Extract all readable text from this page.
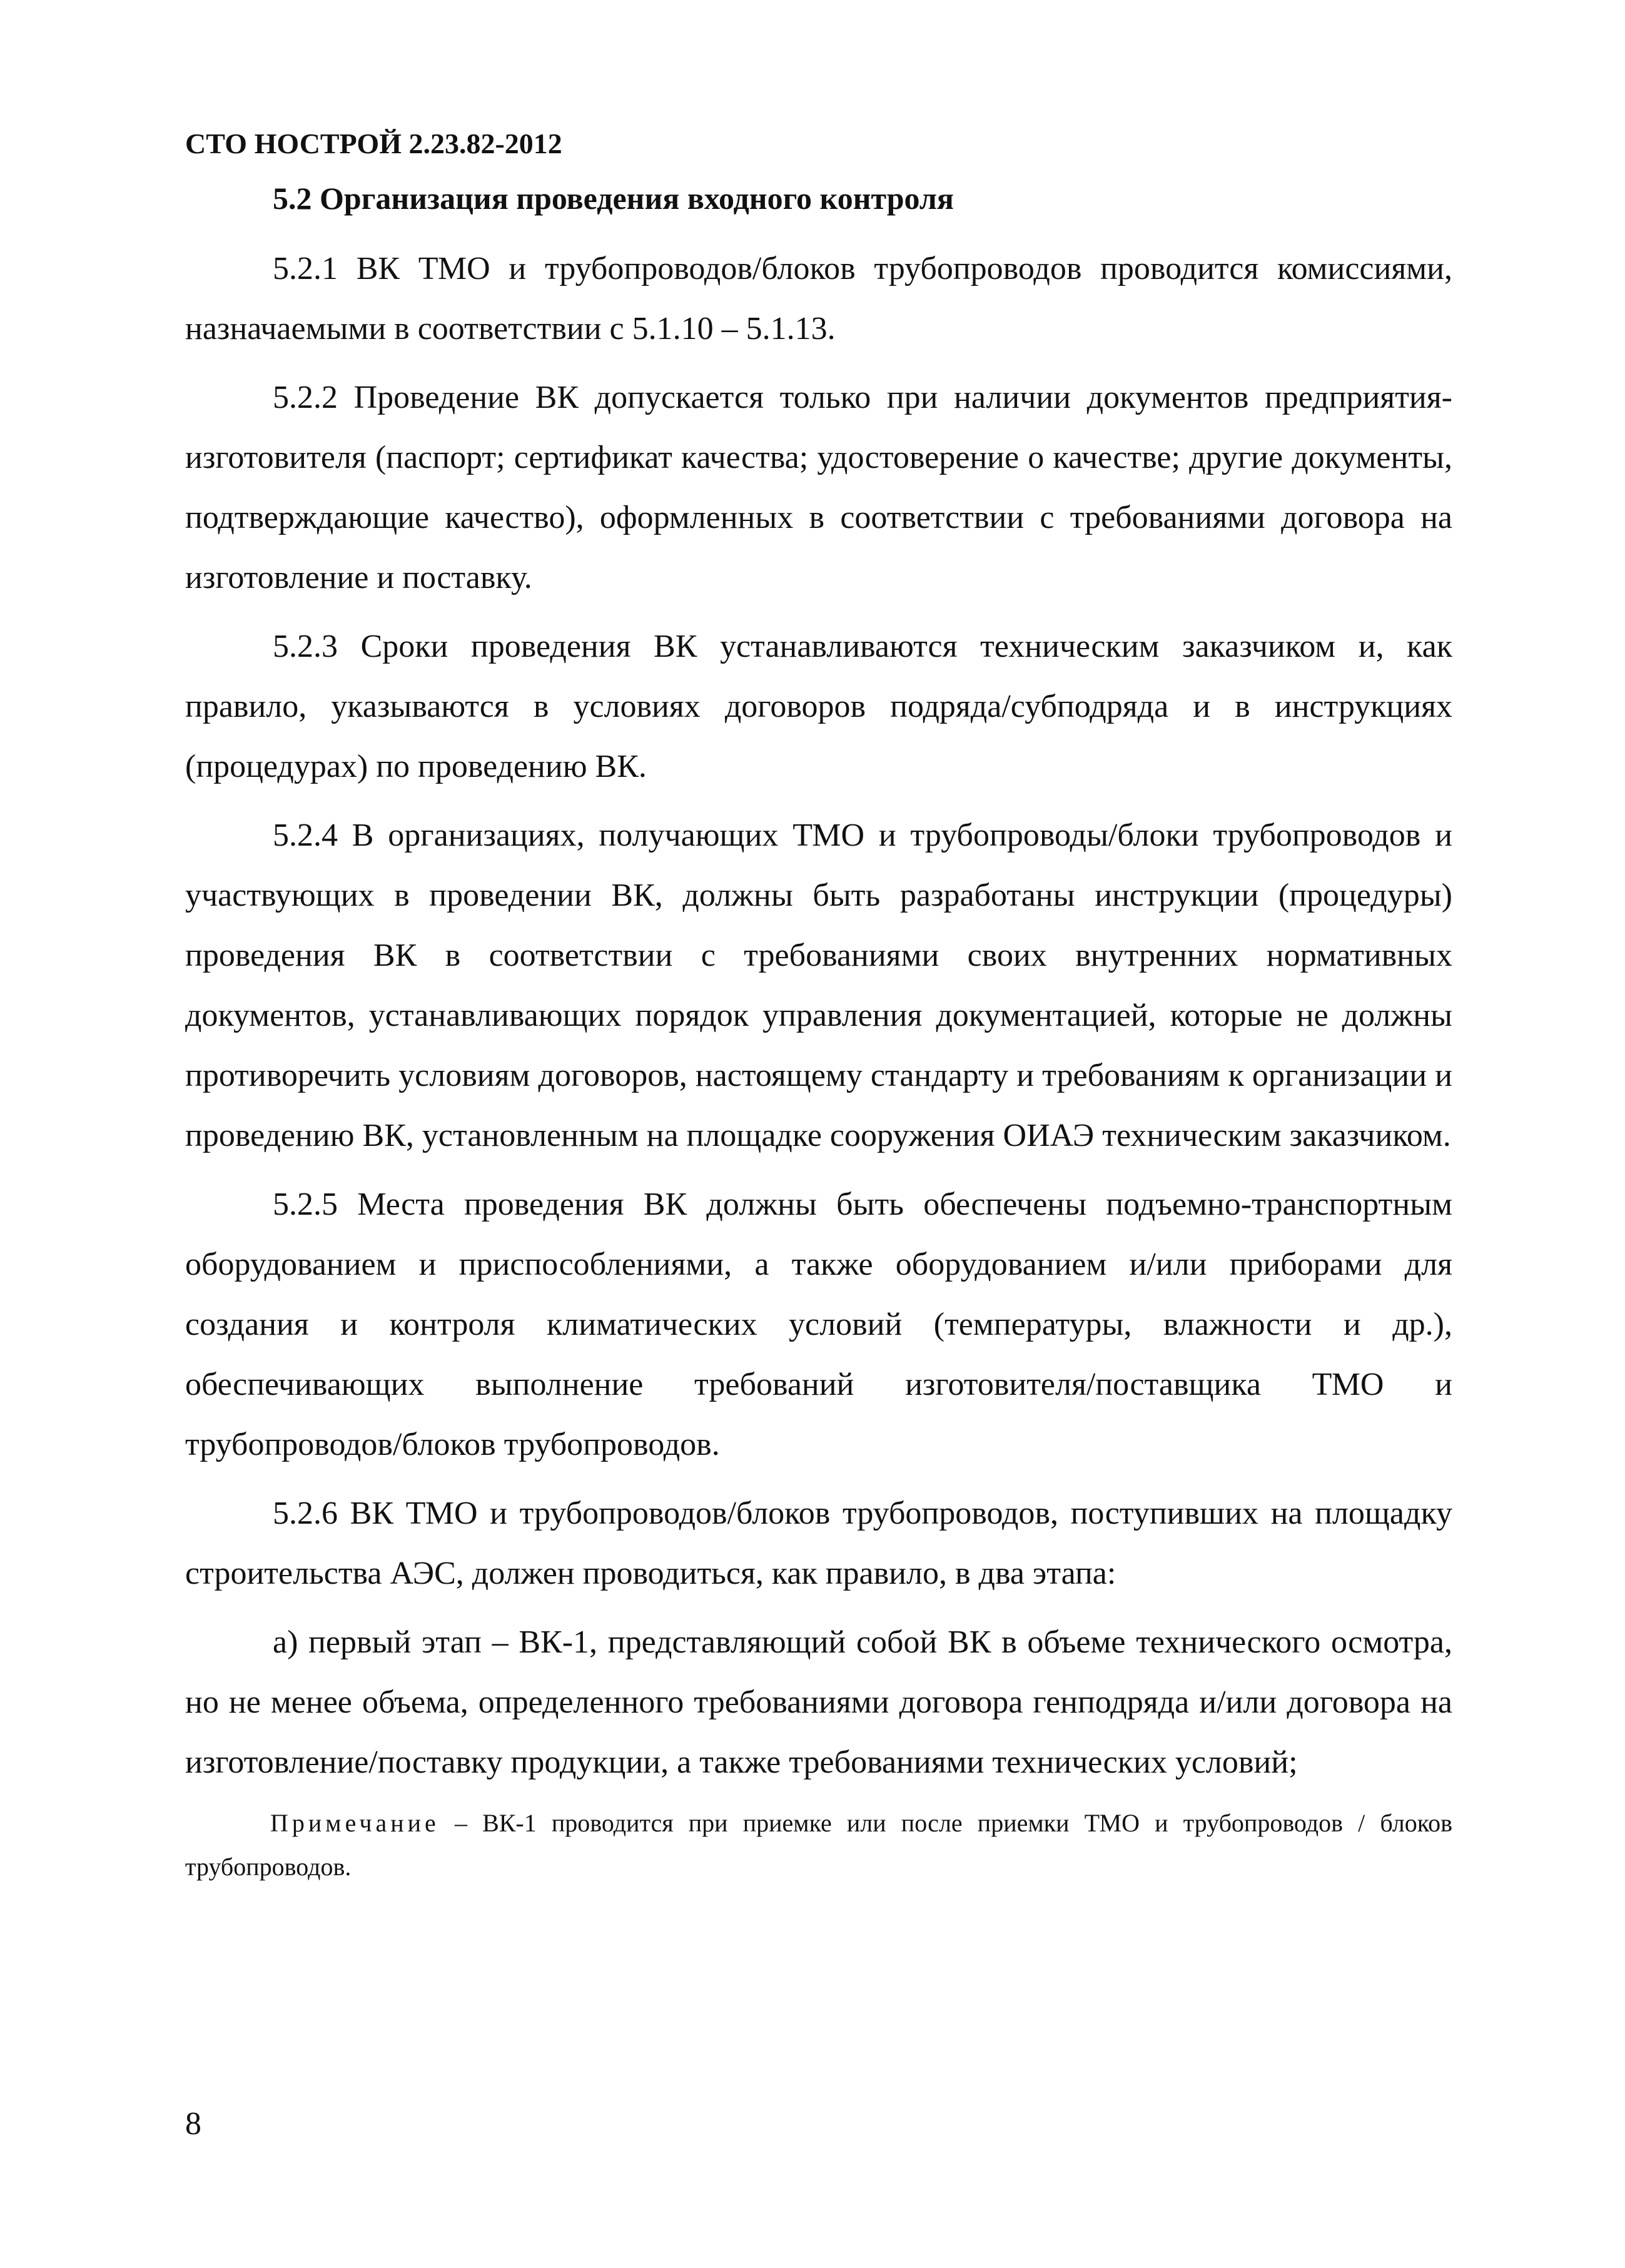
СТО НОСТРОЙ 2.23.82-2012
5.2 Организация проведения входного контроля

5.2.1 ВК ТМО и трубопроводов/блоков трубопроводов проводится комиссиями, назначаемыми в соответствии с 5.1.10 – 5.1.13.

5.2.2 Проведение ВК допускается только при наличии документов предприятия-изготовителя (паспорт; сертификат качества; удостоверение о качестве; другие документы, подтверждающие качество), оформленных в соответствии с требованиями договора на изготовление и поставку.

5.2.3 Сроки проведения ВК устанавливаются техническим заказчиком и, как правило, указываются в условиях договоров подряда/субподряда и в инструкциях (процедурах) по проведению ВК.

5.2.4 В организациях, получающих ТМО и трубопроводы/блоки трубопроводов и участвующих в проведении ВК, должны быть разработаны инструкции (процедуры) проведения ВК в соответствии с требованиями своих внутренних нормативных документов, устанавливающих порядок управления документацией, которые не должны противоречить условиям договоров, настоящему стандарту и требованиям к организации и проведению ВК, установленным на площадке сооружения ОИАЭ техническим заказчиком.

5.2.5 Места проведения ВК должны быть обеспечены подъемно-транспортным оборудованием и приспособлениями, а также оборудованием и/или приборами для создания и контроля климатических условий (температуры, влажности и др.), обеспечивающих выполнение требований изготовителя/поставщика ТМО и трубопроводов/блоков трубопроводов.

5.2.6 ВК ТМО и трубопроводов/блоков трубопроводов, поступивших на площадку строительства АЭС, должен проводиться, как правило, в два этапа:

а) первый этап – ВК-1, представляющий собой ВК в объеме технического осмотра, но не менее объема, определенного требованиями договора генподряда и/или договора на изготовление/поставку продукции, а также требованиями технических условий;

Примечание – ВК-1 проводится при приемке или после приемки ТМО и трубопроводов / блоков трубопроводов.

8
